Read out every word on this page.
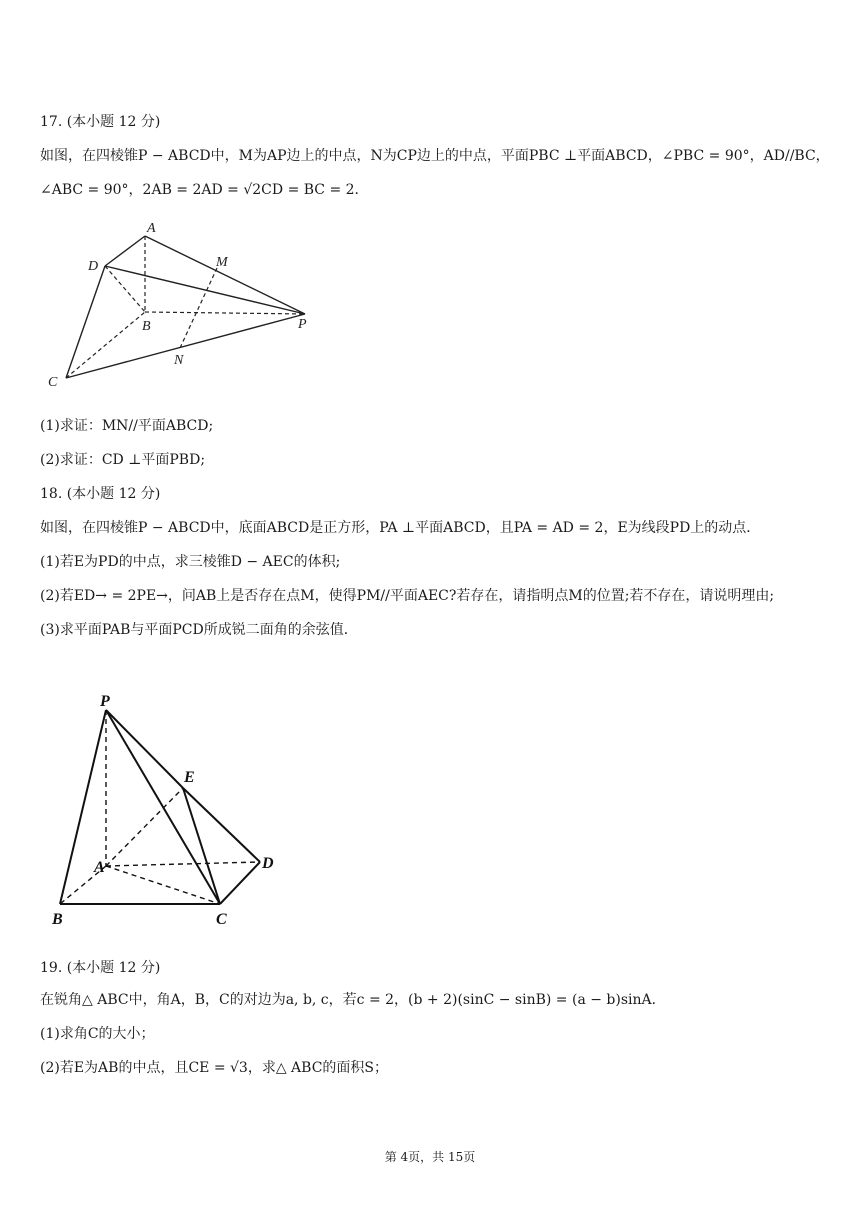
17. (本小题 12 分)
如图，在四棱锥P − ABCD中，M为AP边上的中点，N为CP边上的中点，平面PBC ⊥平面ABCD，∠PBC = 90°，AD//BC，
∠ABC = 90°，2AB = 2AD = √2CD = BC = 2．
A
D	M
B	P
N
C
(1)求证：MN//平面ABCD;
(2)求证：CD ⊥平面PBD;
18. (本小题 12 分)
如图，在四棱锥P − ABCD中，底面ABCD是正方形，PA ⊥平面ABCD，且PA = AD = 2，E为线段PD上的动点．
(1)若E为PD的中点，求三棱锥D − AEC的体积;
(2)若ED→ = 2PE→，问AB上是否存在点M，使得PM//平面AEC?若存在，请指明点M的位置;若不存在，请说明理由;
(3)求平面PAB与平面PCD所成锐二面角的余弦值．
P
E
A	D
B	C
19. (本小题 12 分)
在锐角△ ABC中，角A，B，C的对边为a, b, c，若c = 2，(b + 2)(sinC − sinB) = (a − b)sinA．
(1)求角C的大小；
(2)若E为AB的中点，且CE = √3，求△ ABC的面积S；
第 4页，共 15页
